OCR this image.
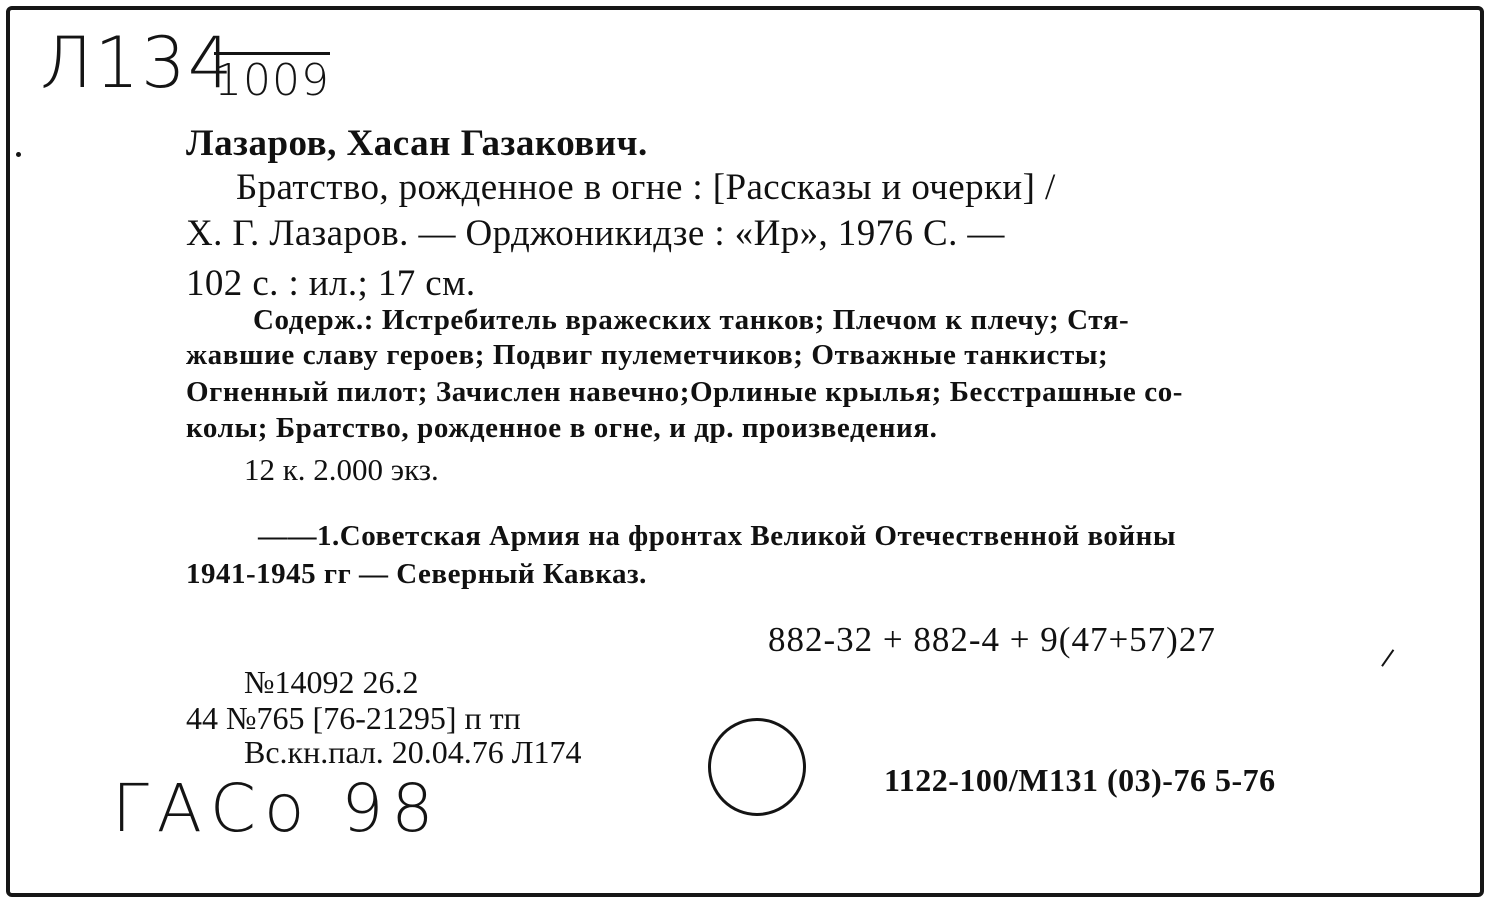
Л134
1009
Лазаров, Хасан Газакович.
Братство, рожденное в огне : [Рассказы и очерки] /
Х. Г. Лазаров. — Орджоникидзе : «Ир», 1976 С. —
102 с. : ил.; 17 см.
Содерж.: Истребитель вражеских танков; Плечом к плечу; Стя-
жавшие славу героев; Подвиг пулеметчиков; Отважные танкисты;
Огненный пилот; Зачислен навечно;Орлиные крылья; Бесстрашные со-
колы; Братство, рожденное в огне, и др. произведения.
12 к. 2.000 экз.
——1.Советская Армия на фронтах Великой Отечественной войны
1941-1945 гг — Северный Кавказ.
882-32 + 882-4 + 9(47+57)27
№14092 26.2
44 №765 [76-21295] п тп
Вс.кн.пал. 20.04.76 Л174
1122-100/М131 (03)-76 5-76
ГАСо 98
